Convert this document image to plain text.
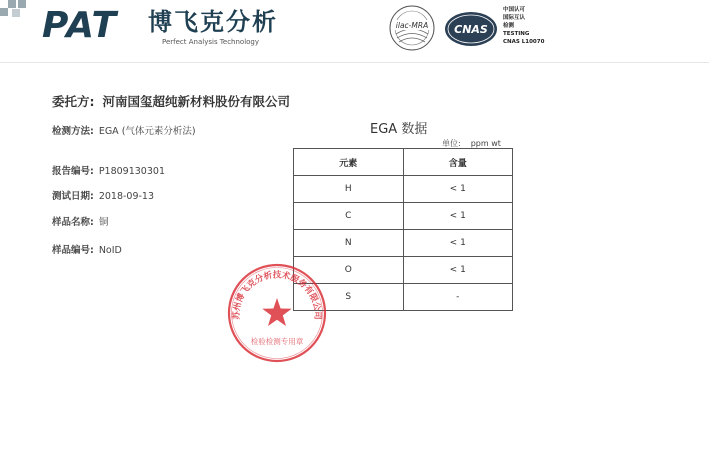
PAT 博飞克分析
Perfect Analysis Technology
ilac-MRA CNAS
中国认可
国际互认
检测
TESTING
CNAS L10070
委托方: 河南国玺超纯新材料股份有限公司
检测方法: EGA (气体元素分析法)
报告编号: P1809130301
测试日期: 2018-09-13
样品名称: 铜
样品编号: NoID
EGA 数据
单位: ppm wt
元素	含量
H	< 1
C	< 1
N	< 1
O	< 1
S	-
苏州博飞克分析技术服务有限公司
检验检测专用章
